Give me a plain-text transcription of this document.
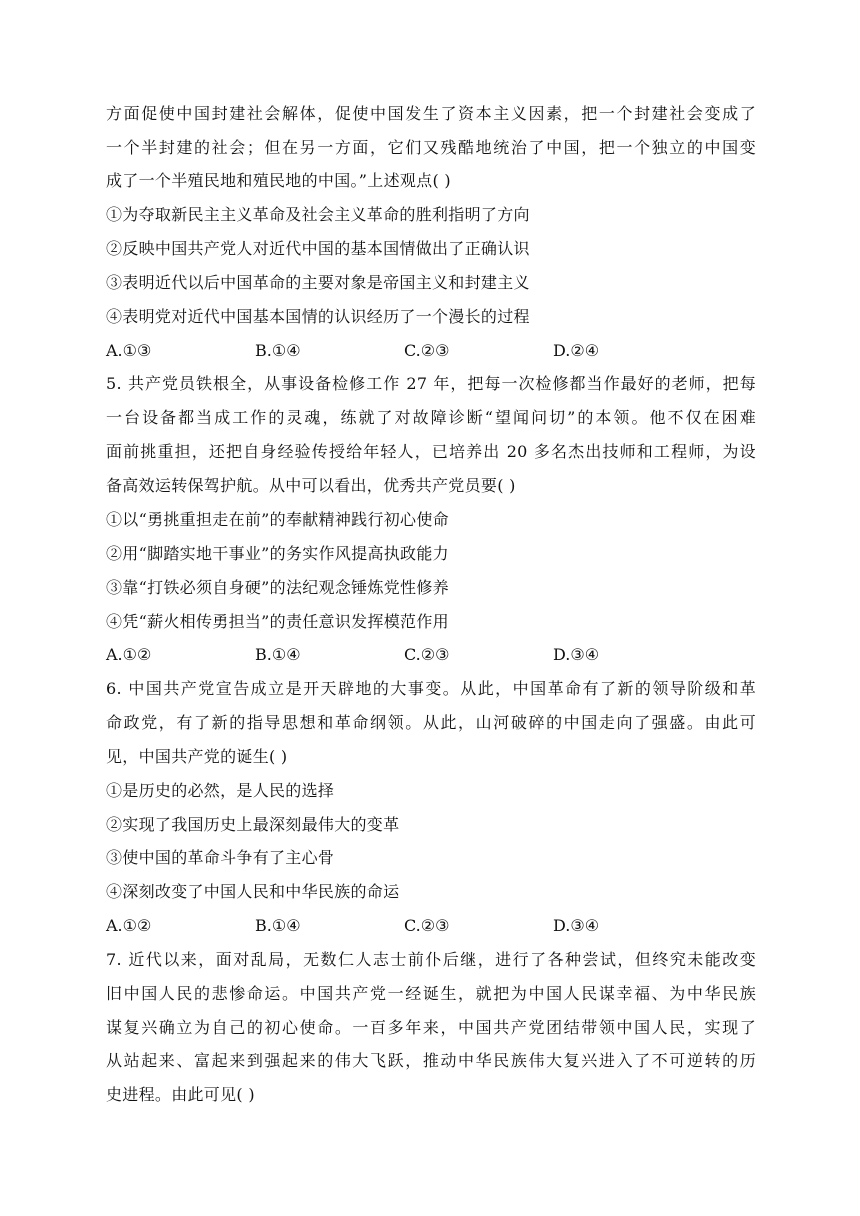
方面促使中国封建社会解体，促使中国发生了资本主义因素，把一个封建社会变成了
一个半封建的社会；但在另一方面，它们又残酷地统治了中国，把一个独立的中国变
成了一个半殖民地和殖民地的中国。”上述观点( )
①为夺取新民主主义革命及社会主义革命的胜利指明了方向
②反映中国共产党人对近代中国的基本国情做出了正确认识
③表明近代以后中国革命的主要对象是帝国主义和封建主义
④表明党对近代中国基本国情的认识经历了一个漫长的过程
A.①③	B.①④	C.②③	D.②④
5. 共产党员铁根全，从事设备检修工作 27 年，把每一次检修都当作最好的老师，把每
一台设备都当成工作的灵魂，练就了对故障诊断“望闻问切”的本领。他不仅在困难
面前挑重担，还把自身经验传授给年轻人，已培养出 20 多名杰出技师和工程师，为设
备高效运转保驾护航。从中可以看出，优秀共产党员要( )
①以“勇挑重担走在前”的奉献精神践行初心使命
②用“脚踏实地干事业”的务实作风提高执政能力
③靠“打铁必须自身硬”的法纪观念锤炼党性修养
④凭“薪火相传勇担当”的责任意识发挥模范作用
A.①②	B.①④	C.②③	D.③④
6. 中国共产党宣告成立是开天辟地的大事变。从此，中国革命有了新的领导阶级和革
命政党，有了新的指导思想和革命纲领。从此，山河破碎的中国走向了强盛。由此可
见，中国共产党的诞生( )
①是历史的必然，是人民的选择
②实现了我国历史上最深刻最伟大的变革
③使中国的革命斗争有了主心骨
④深刻改变了中国人民和中华民族的命运
A.①②	B.①④	C.②③	D.③④
7. 近代以来，面对乱局，无数仁人志士前仆后继，进行了各种尝试，但终究未能改变
旧中国人民的悲惨命运。中国共产党一经诞生，就把为中国人民谋幸福、为中华民族
谋复兴确立为自己的初心使命。一百多年来，中国共产党团结带领中国人民，实现了
从站起来、富起来到强起来的伟大飞跃，推动中华民族伟大复兴进入了不可逆转的历
史进程。由此可见( )
